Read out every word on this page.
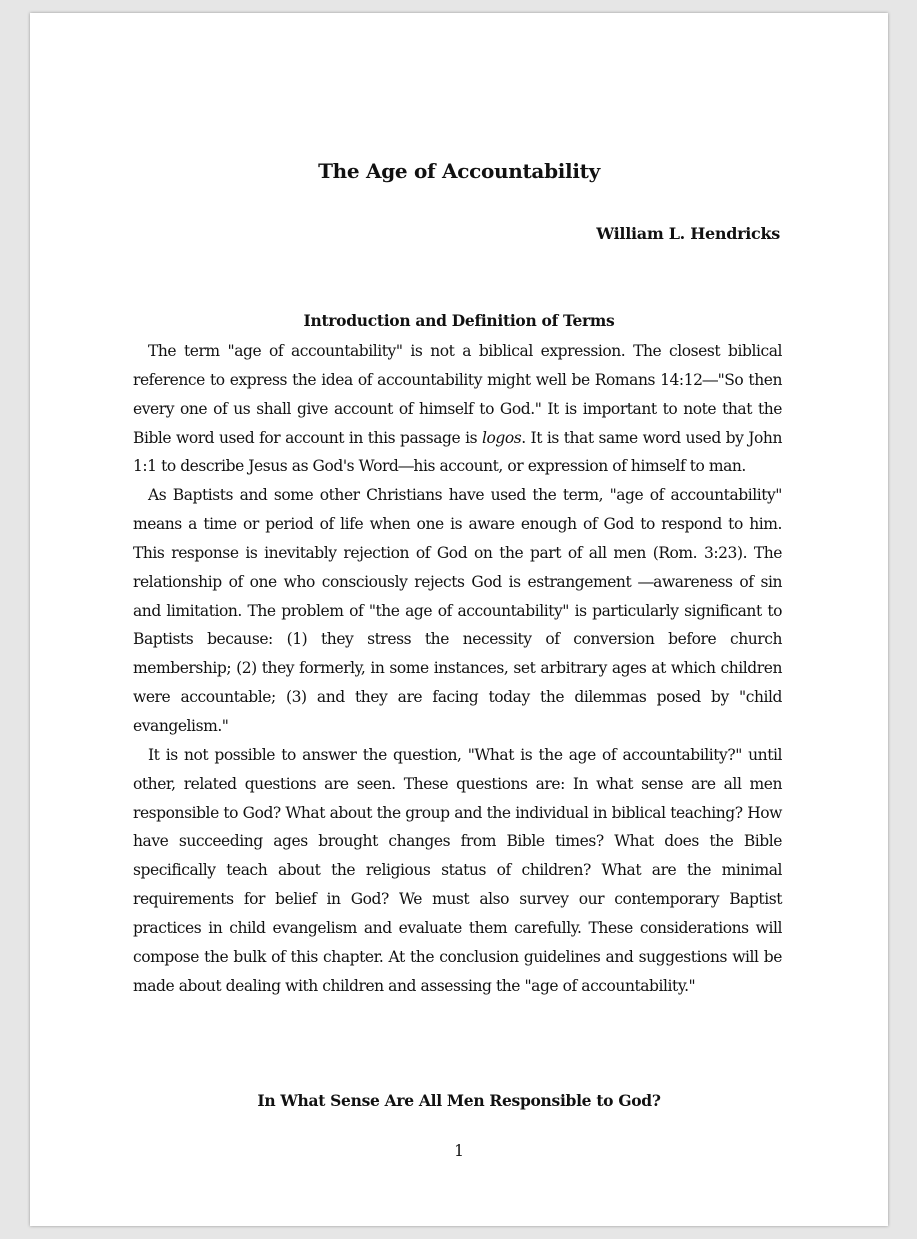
The Age of Accountability
William L. Hendricks
Introduction and Definition of Terms

The term "age of accountability" is not a biblical expression. The closest biblical reference to express the idea of accountability might well be Romans 14:12―"So then every one of us shall give account of himself to God." It is important to note that the Bible word used for account in this passage is logos. It is that same word used by John 1:1 to describe Jesus as God's Word―his account, or expression of himself to man.

As Baptists and some other Christians have used the term, "age of accountability" means a time or period of life when one is aware enough of God to respond to him. This response is inevitably rejection of God on the part of all men (Rom. 3:23). The relationship of one who consciously rejects God is estrangement ―awareness of sin and limitation. The problem of "the age of accountability" is particularly significant to Baptists because: (1) they stress the necessity of conversion before church membership; (2) they formerly, in some instances, set arbitrary ages at which children were accountable; (3) and they are facing today the dilemmas posed by "child evangelism."

It is not possible to answer the question, "What is the age of accountability?" until other, related questions are seen. These questions are: In what sense are all men responsible to God? What about the group and the individual in biblical teaching? How have succeeding ages brought changes from Bible times? What does the Bible specifically teach about the religious status of children? What are the minimal requirements for belief in God? We must also survey our contemporary Baptist practices in child evangelism and evaluate them carefully. These considerations will compose the bulk of this chapter. At the conclusion guidelines and suggestions will be made about dealing with children and assessing the "age of accountability."

In What Sense Are All Men Responsible to God?
1
